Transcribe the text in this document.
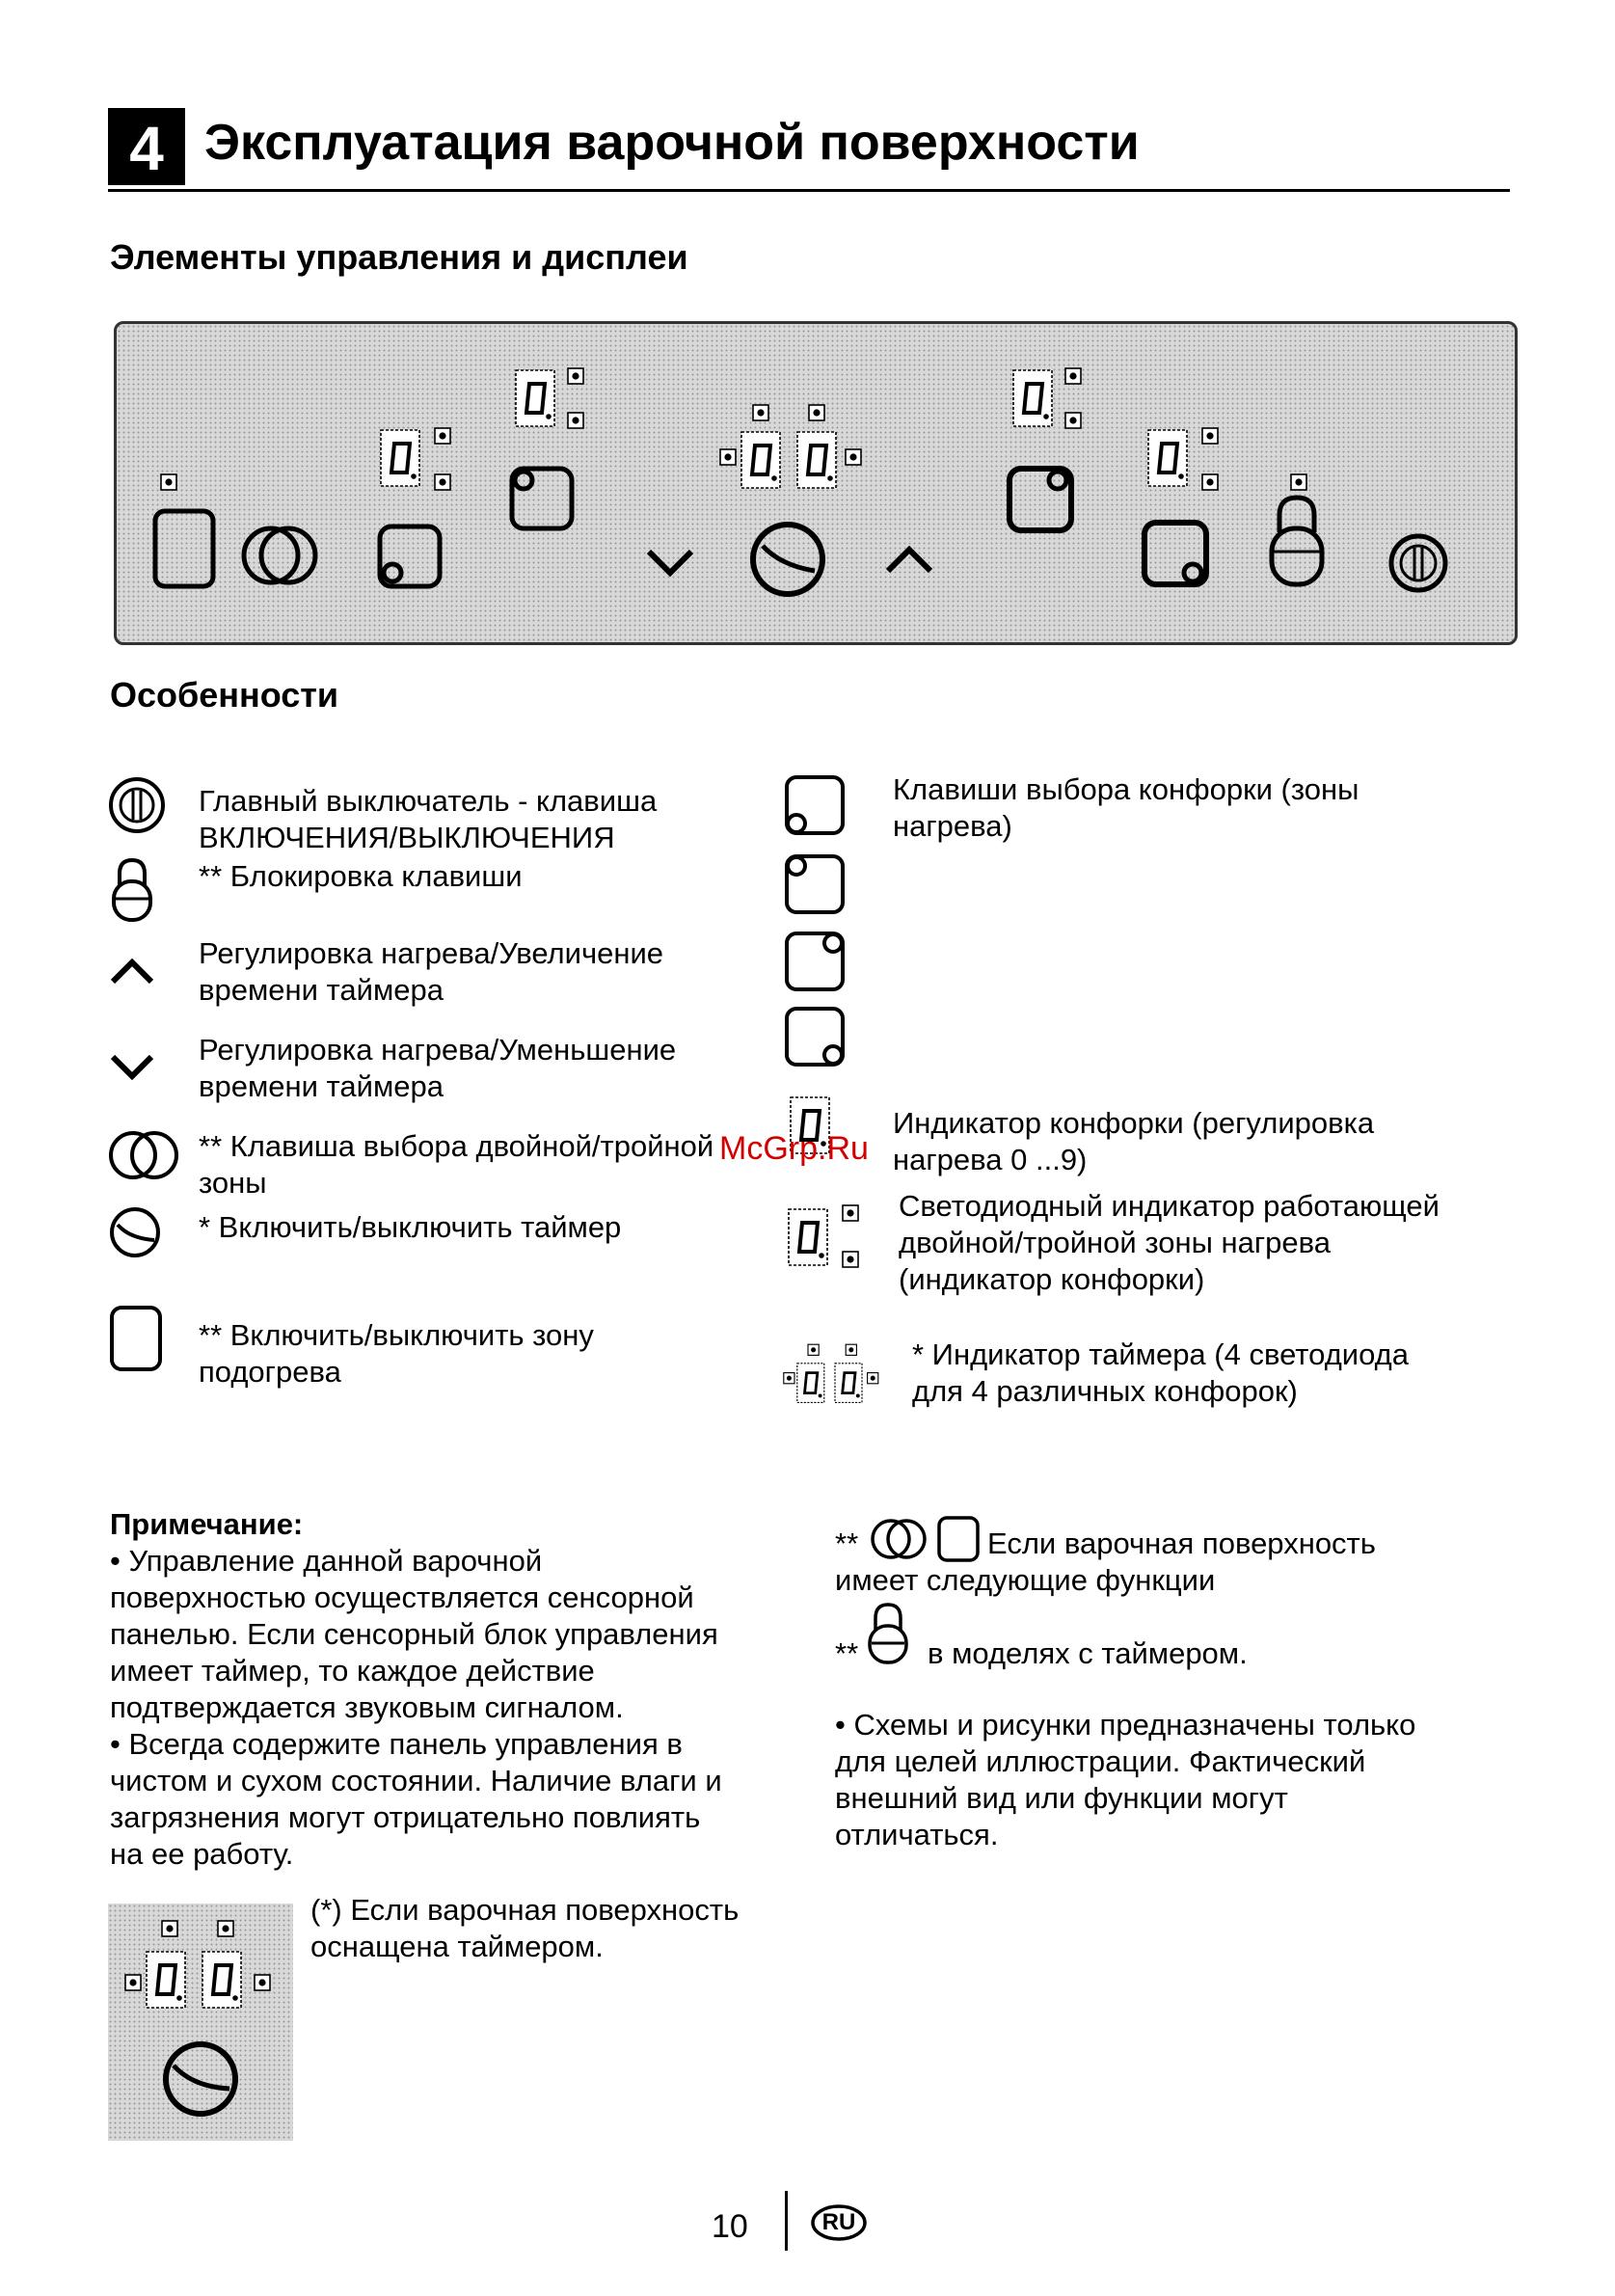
4 Эксплуатация варочной поверхности
Элементы управления и дисплеи
Особенности
Главный выключатель - клавиша
ВКЛЮЧЕНИЯ/ВЫКЛЮЧЕНИЯ
** Блокировка клавиши
Регулировка нагрева/Увеличение
времени таймера
Регулировка нагрева/Уменьшение
времени таймера
** Клавиша выбора двойной/тройной
зоны
* Включить/выключить таймер
** Включить/выключить зону
подогрева
Клавиши выбора конфорки (зоны
нагрева)
Индикатор конфорки (регулировка
нагрева 0 ...9)
Светодиодный индикатор работающей
двойной/тройной зоны нагрева
(индикатор конфорки)
* Индикатор таймера (4 светодиода
для 4 различных конфорок)
McGrp.Ru
Примечание:
• Управление данной варочной
поверхностью осуществляется сенсорной
панелью. Если сенсорный блок управления
имеет таймер, то каждое действие
подтверждается звуковым сигналом.
• Всегда содержите панель управления в
чистом и сухом состоянии. Наличие влаги и
загрязнения могут отрицательно повлиять
на ее работу.
**	Если варочная поверхность
имеет следующие функции
** в моделях с таймером.
• Схемы и рисунки предназначены только
для целей иллюстрации. Фактический
внешний вид или функции могут
отличаться.
(*) Если варочная поверхность
оснащена таймером.
10	RU
